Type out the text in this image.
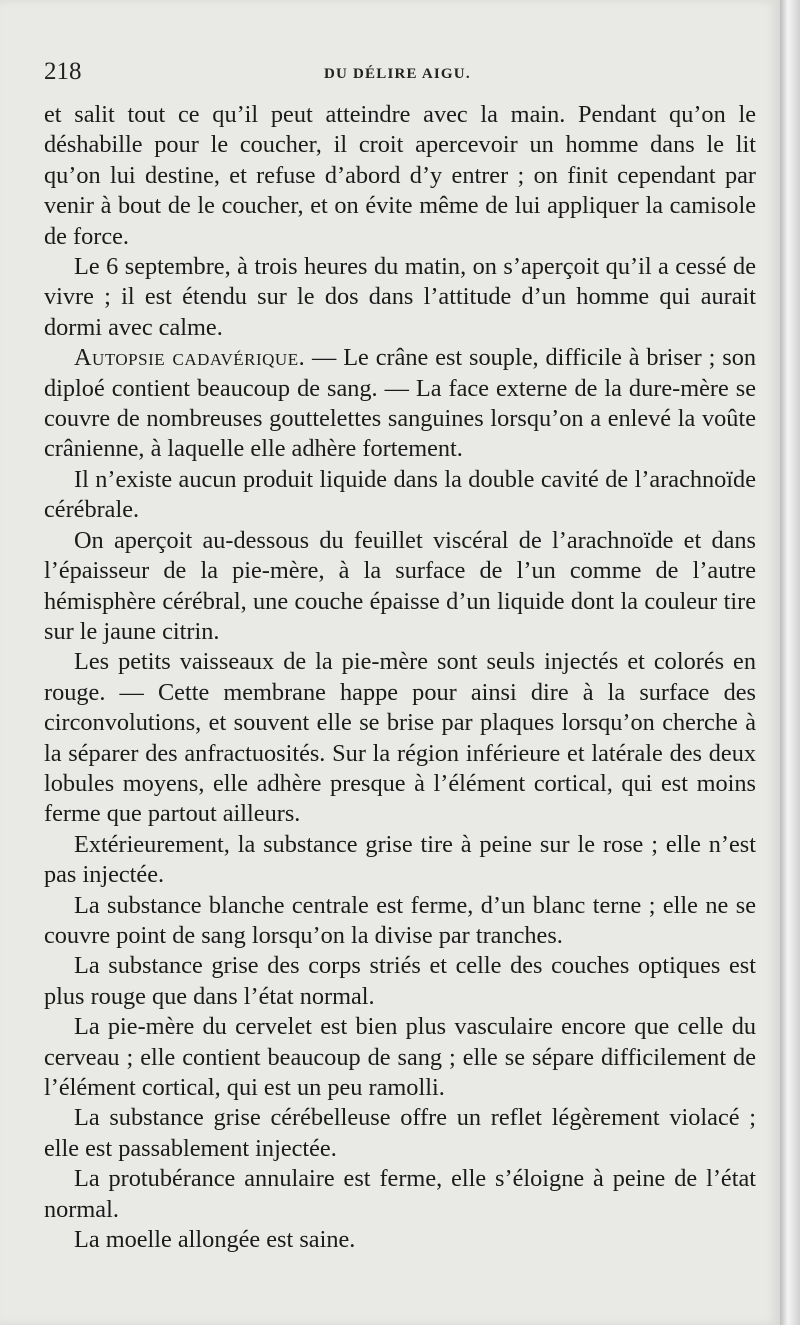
218	DU DÉLIRE AIGU.

et salit tout ce qu’il peut atteindre avec la main. Pendant qu’on le déshabille pour le coucher, il croit apercevoir un homme dans le lit qu’on lui destine, et refuse d’abord d’y entrer ; on finit cependant par venir à bout de le coucher, et on évite même de lui appliquer la camisole de force.

Le 6 septembre, à trois heures du matin, on s’aperçoit qu’il a cessé de vivre ; il est étendu sur le dos dans l’attitude d’un homme qui aurait dormi avec calme.

Autopsie cadavérique. — Le crâne est souple, difficile à briser ; son diploé contient beaucoup de sang. — La face externe de la dure-mère se couvre de nombreuses gouttelettes sanguines lorsqu’on a enlevé la voûte crânienne, à laquelle elle adhère fortement.

Il n’existe aucun produit liquide dans la double cavité de l’arachnoïde cérébrale.

On aperçoit au-dessous du feuillet viscéral de l’arachnoïde et dans l’épaisseur de la pie-mère, à la surface de l’un comme de l’autre hémisphère cérébral, une couche épaisse d’un liquide dont la couleur tire sur le jaune citrin.

Les petits vaisseaux de la pie-mère sont seuls injectés et colorés en rouge. — Cette membrane happe pour ainsi dire à la surface des circonvolutions, et souvent elle se brise par plaques lorsqu’on cherche à la séparer des anfractuosités. Sur la région inférieure et latérale des deux lobules moyens, elle adhère presque à l’élément cortical, qui est moins ferme que partout ailleurs.

Extérieurement, la substance grise tire à peine sur le rose ; elle n’est pas injectée.

La substance blanche centrale est ferme, d’un blanc terne ; elle ne se couvre point de sang lorsqu’on la divise par tranches.

La substance grise des corps striés et celle des couches optiques est plus rouge que dans l’état normal.

La pie-mère du cervelet est bien plus vasculaire encore que celle du cerveau ; elle contient beaucoup de sang ; elle se sépare difficilement de l’élément cortical, qui est un peu ramolli.

La substance grise cérébelleuse offre un reflet légèrement violacé ; elle est passablement injectée.

La protubérance annulaire est ferme, elle s’éloigne à peine de l’état normal.

La moelle allongée est saine.
